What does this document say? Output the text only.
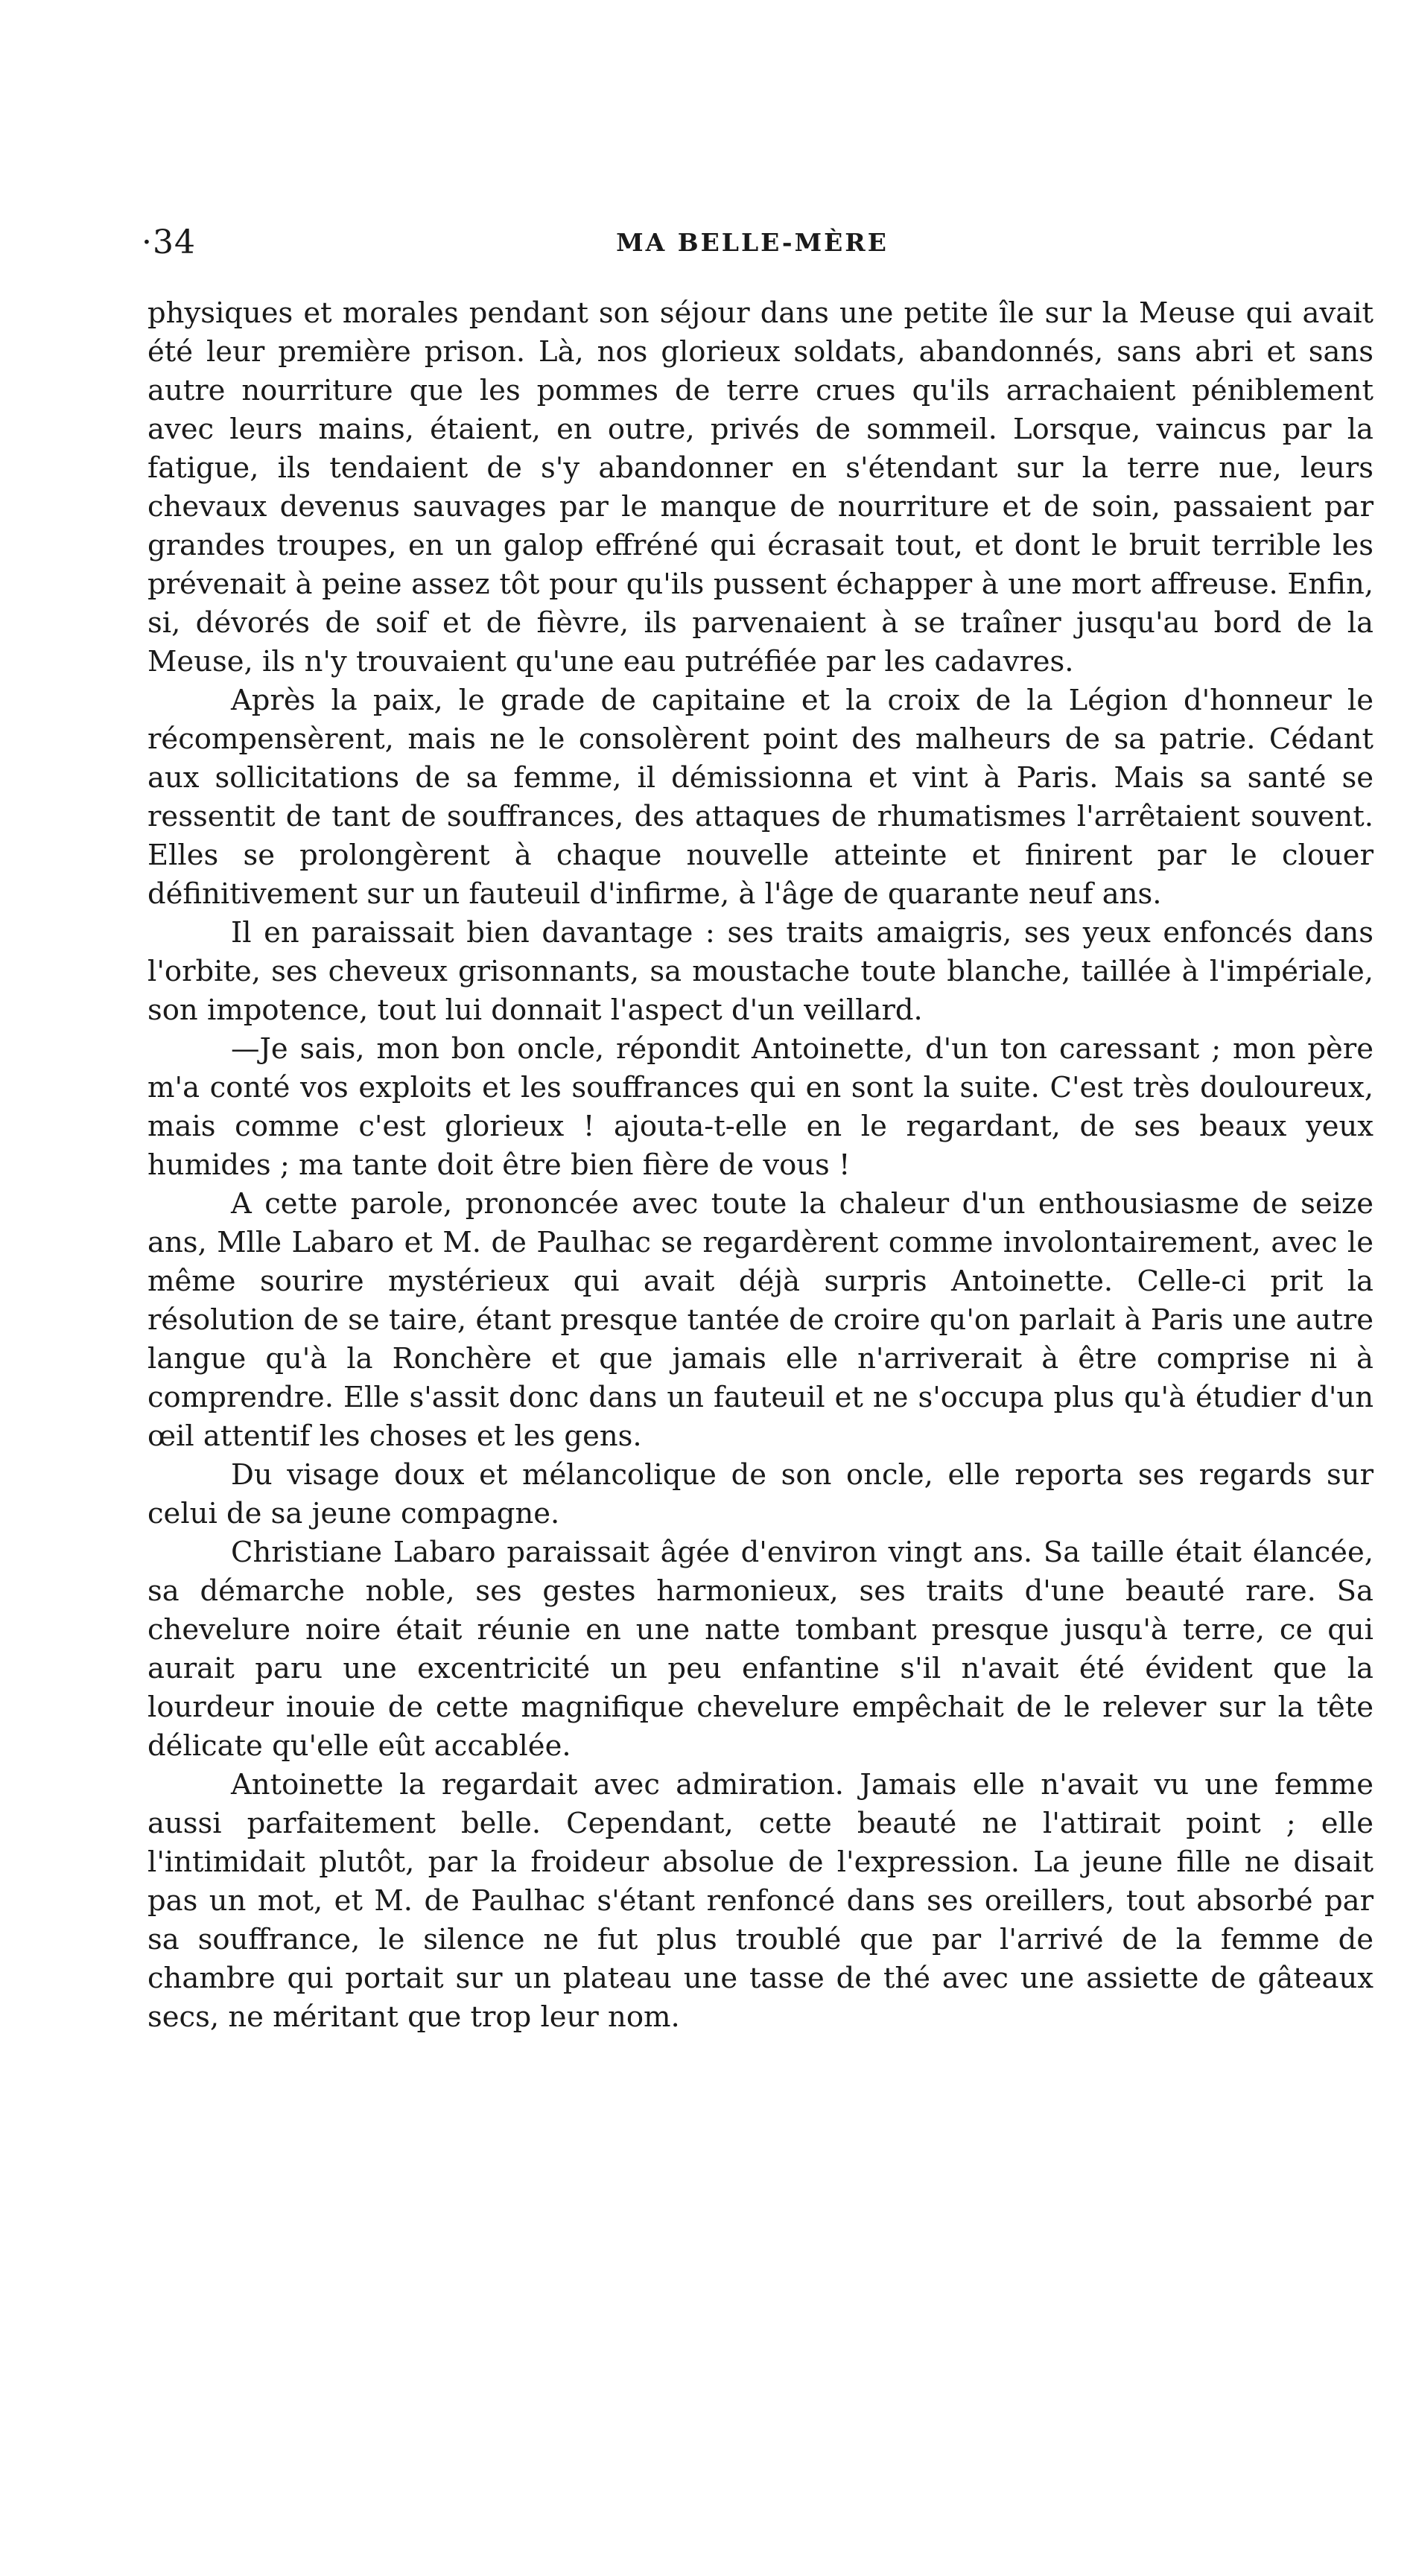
·34	MA BELLE-MÈRE

physiques et morales pendant son séjour dans une petite île sur la Meuse qui avait été leur première prison. Là, nos glorieux soldats, abandonnés, sans abri et sans autre nourriture que les pommes de terre crues qu'ils arrachaient péniblement avec leurs mains, étaient, en outre, privés de sommeil. Lorsque, vaincus par la fatigue, ils tendaient de s'y abandonner en s'étendant sur la terre nue, leurs chevaux devenus sauvages par le manque de nourriture et de soin, passaient par grandes troupes, en un galop effréné qui écrasait tout, et dont le bruit terrible les prévenait à peine assez tôt pour qu'ils pussent échapper à une mort affreuse. Enfin, si, dévorés de soif et de fièvre, ils parvenaient à se traîner jusqu'au bord de la Meuse, ils n'y trouvaient qu'une eau putréfiée par les cadavres.

Après la paix, le grade de capitaine et la croix de la Légion d'honneur le récompensèrent, mais ne le consolèrent point des malheurs de sa patrie. Cédant aux sollicitations de sa femme, il démissionna et vint à Paris. Mais sa santé se ressentit de tant de souffrances, des attaques de rhumatismes l'arrêtaient souvent. Elles se prolongèrent à chaque nouvelle atteinte et finirent par le clouer définitivement sur un fauteuil d'infirme, à l'âge de quarante neuf ans.

Il en paraissait bien davantage : ses traits amaigris, ses yeux enfoncés dans l'orbite, ses cheveux grisonnants, sa moustache toute blanche, taillée à l'impériale, son impotence, tout lui donnait l'aspect d'un veillard.

—Je sais, mon bon oncle, répondit Antoinette, d'un ton caressant ; mon père m'a conté vos exploits et les souffrances qui en sont la suite. C'est très douloureux, mais comme c'est glorieux ! ajouta-t-elle en le regardant, de ses beaux yeux humides ; ma tante doit être bien fière de vous !

A cette parole, prononcée avec toute la chaleur d'un enthousiasme de seize ans, Mlle Labaro et M. de Paulhac se regardèrent comme involontairement, avec le même sourire mystérieux qui avait déjà surpris Antoinette. Celle-ci prit la résolution de se taire, étant presque tantée de croire qu'on parlait à Paris une autre langue qu'à la Ronchère et que jamais elle n'arriverait à être comprise ni à comprendre. Elle s'assit donc dans un fauteuil et ne s'occupa plus qu'à étudier d'un œil attentif les choses et les gens.

Du visage doux et mélancolique de son oncle, elle reporta ses regards sur celui de sa jeune compagne.

Christiane Labaro paraissait âgée d'environ vingt ans. Sa taille était élancée, sa démarche noble, ses gestes harmonieux, ses traits d'une beauté rare. Sa chevelure noire était réunie en une natte tombant presque jusqu'à terre, ce qui aurait paru une excentricité un peu enfantine s'il n'avait été évident que la lourdeur inouie de cette magnifique chevelure empêchait de le relever sur la tête délicate qu'elle eût accablée.

Antoinette la regardait avec admiration. Jamais elle n'avait vu une femme aussi parfaitement belle. Cependant, cette beauté ne l'attirait point ; elle l'intimidait plutôt, par la froideur absolue de l'expression. La jeune fille ne disait pas un mot, et M. de Paulhac s'étant renfoncé dans ses oreillers, tout absorbé par sa souffrance, le silence ne fut plus troublé que par l'arrivé de la femme de chambre qui portait sur un plateau une tasse de thé avec une assiette de gâteaux secs, ne méritant que trop leur nom.
